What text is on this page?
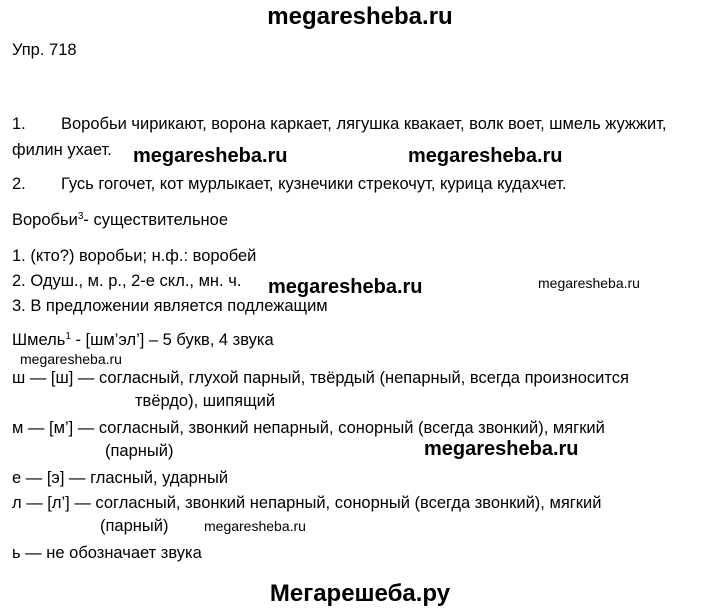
megaresheba.ru
Упр. 718
1. Воробьи чирикают, ворона каркает, лягушка квакает, волк воет, шмель жужжит,
филин ухает. megaresheba.ru	megaresheba.ru
2. Гусь гогочет, кот мурлыкает, кузнечики стрекочут, курица кудахчет.
Воробьи$^3$- существительное
1. (кто?) воробьи; н.ф.: воробей
2. Одуш., м. р., 2-е скл., мн. ч.
3. В предложении является подлежащим
megaresheba.ru	megaresheba.ru
Шмель$^1$ - [шм’эл’] – 5 букв, 4 звука
megaresheba.ru
ш — [ш] — согласный, глухой парный, твёрдый (непарный, всегда произносится
твёрдо), шипящий
м — [м’] — согласный, звонкий непарный, сонорный (всегда звонкий), мягкий
(парный)	megaresheba.ru
е — [э] — гласный, ударный
л — [л’] — согласный, звонкий непарный, сонорный (всегда звонкий), мягкий
(парный)	megaresheba.ru
ь — не обозначает звука
Мегарешеба.ру
